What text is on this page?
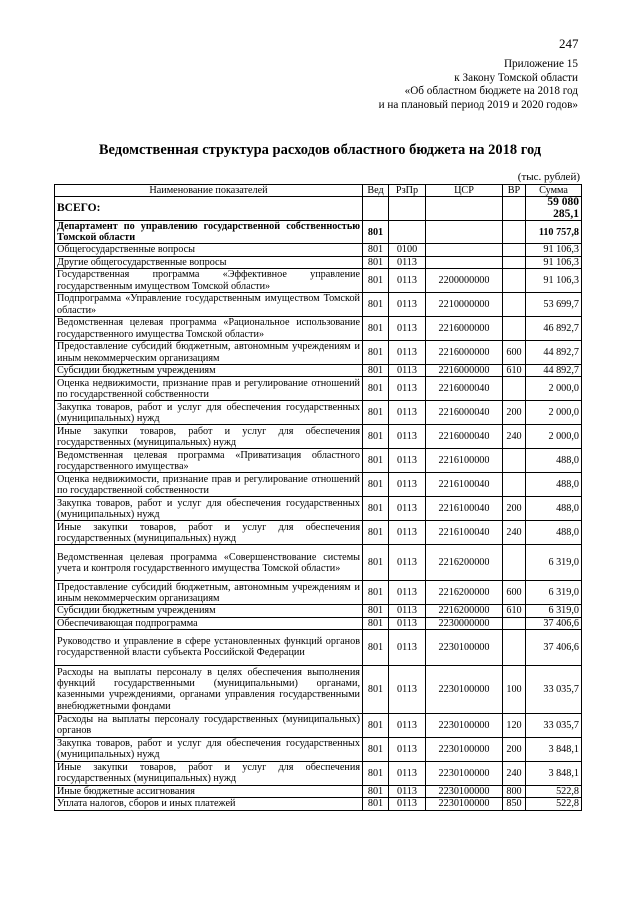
247
Приложение 15
к Закону Томской области
«Об областном бюджете на 2018 год
и на плановый период 2019 и 2020 годов»
Ведомственная структура расходов областного бюджета на 2018 год
(тыс. рублей)
Наименование показателей	Вед	РзПр	ЦСР	ВР	Сумма
ВСЕГО:					59 080 285,1
Департамент по управлению государственной собственностью Томской области	801				110 757,8
Общегосударственные вопросы	801	0100			91 106,3
Другие общегосударственные вопросы	801	0113			91 106,3
Государственная программа «Эффективное управление государственным имуществом Томской области»	801	0113	2200000000		91 106,3
Подпрограмма «Управление государственным имуществом Томской области»	801	0113	2210000000		53 699,7
Ведомственная целевая программа «Рациональное использование государственного имущества Томской области»	801	0113	2216000000		46 892,7
Предоставление субсидий бюджетным, автономным учреждениям и иным некоммерческим организациям	801	0113	2216000000	600	44 892,7
Субсидии бюджетным учреждениям	801	0113	2216000000	610	44 892,7
Оценка недвижимости, признание прав и регулирование отношений по государственной собственности	801	0113	2216000040		2 000,0
Закупка товаров, работ и услуг для обеспечения государственных (муниципальных) нужд	801	0113	2216000040	200	2 000,0
Иные закупки товаров, работ и услуг для обеспечения государственных (муниципальных) нужд	801	0113	2216000040	240	2 000,0
Ведомственная целевая программа «Приватизация областного государственного имущества»	801	0113	2216100000		488,0
Оценка недвижимости, признание прав и регулирование отношений по государственной собственности	801	0113	2216100040		488,0
Закупка товаров, работ и услуг для обеспечения государственных (муниципальных) нужд	801	0113	2216100040	200	488,0
Иные закупки товаров, работ и услуг для обеспечения государственных (муниципальных) нужд	801	0113	2216100040	240	488,0
Ведомственная целевая программа «Совершенствование системы учета и контроля государственного имущества Томской области»	801	0113	2216200000		6 319,0
Предоставление субсидий бюджетным, автономным учреждениям и иным некоммерческим организациям	801	0113	2216200000	600	6 319,0
Субсидии бюджетным учреждениям	801	0113	2216200000	610	6 319,0
Обеспечивающая подпрограмма	801	0113	2230000000		37 406,6
Руководство и управление в сфере установленных функций органов государственной власти субъекта Российской Федерации	801	0113	2230100000		37 406,6
Расходы на выплаты персоналу в целях обеспечения выполнения функций государственными (муниципальными) органами, казенными учреждениями, органами управления государственными внебюджетными фондами	801	0113	2230100000	100	33 035,7
Расходы на выплаты персоналу государственных (муниципальных) органов	801	0113	2230100000	120	33 035,7
Закупка товаров, работ и услуг для обеспечения государственных (муниципальных) нужд	801	0113	2230100000	200	3 848,1
Иные закупки товаров, работ и услуг для обеспечения государственных (муниципальных) нужд	801	0113	2230100000	240	3 848,1
Иные бюджетные ассигнования	801	0113	2230100000	800	522,8
Уплата налогов, сборов и иных платежей	801	0113	2230100000	850	522,8
